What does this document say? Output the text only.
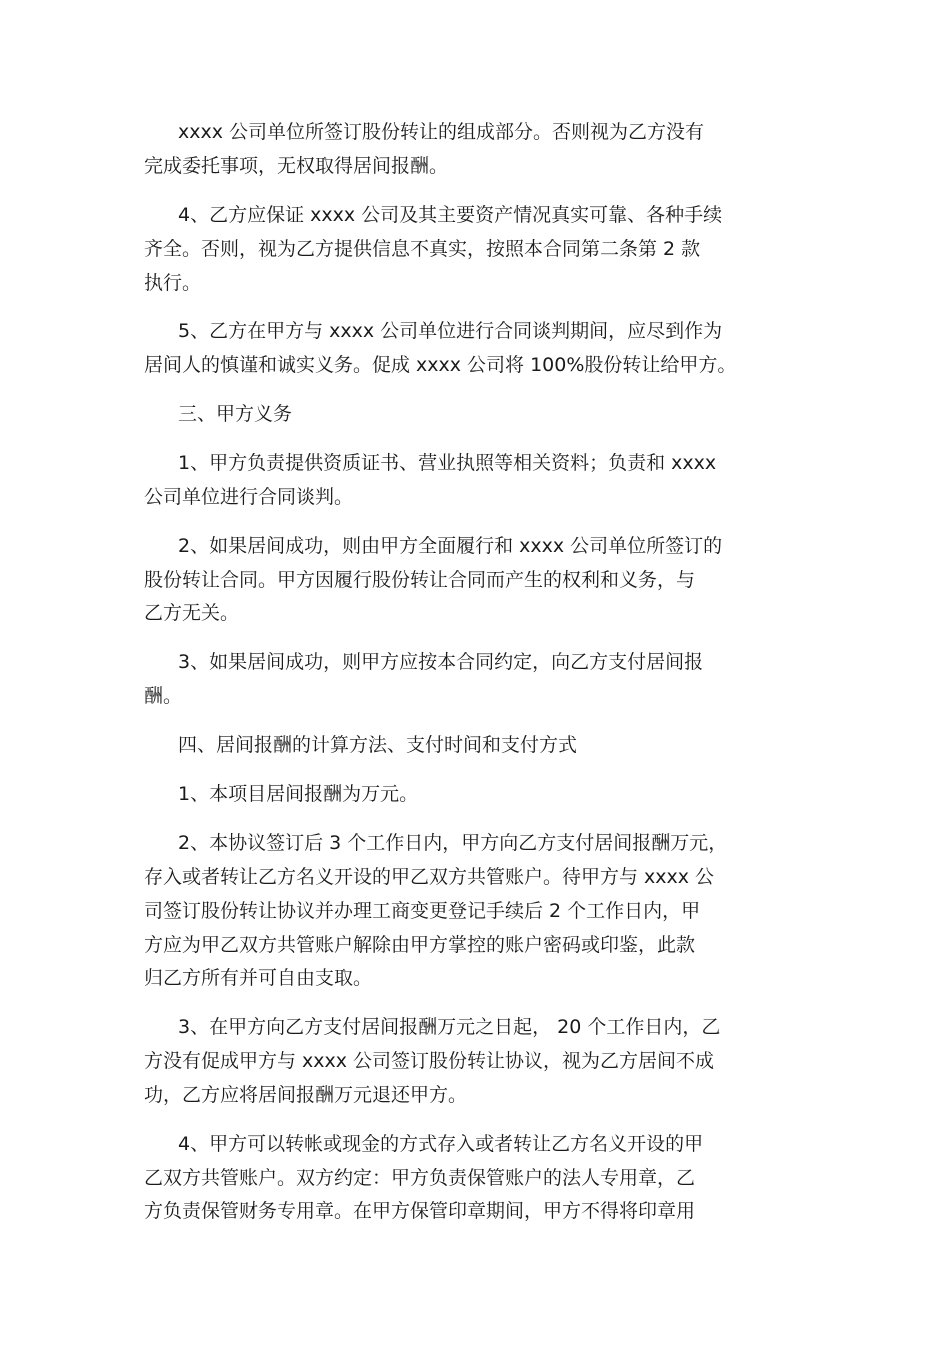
xxxx 公司单位所签订股份转让的组成部分。否则视为乙方没有
完成委托事项，无权取得居间报酬。
4、乙方应保证 xxxx 公司及其主要资产情况真实可靠、各种手续
齐全。否则，视为乙方提供信息不真实，按照本合同第二条第 2 款
执行。
5、乙方在甲方与 xxxx 公司单位进行合同谈判期间，应尽到作为
居间人的慎谨和诚实义务。促成 xxxx 公司将 100%股份转让给甲方。
三、甲方义务
1、甲方负责提供资质证书、营业执照等相关资料；负责和 xxxx
公司单位进行合同谈判。
2、如果居间成功，则由甲方全面履行和 xxxx 公司单位所签订的
股份转让合同。甲方因履行股份转让合同而产生的权利和义务，与
乙方无关。
3、如果居间成功，则甲方应按本合同约定，向乙方支付居间报
酬。
四、居间报酬的计算方法、支付时间和支付方式
1、本项目居间报酬为万元。
2、本协议签订后 3 个工作日内，甲方向乙方支付居间报酬万元，
存入或者转让乙方名义开设的甲乙双方共管账户。待甲方与 xxxx 公
司签订股份转让协议并办理工商变更登记手续后 2 个工作日内，甲
方应为甲乙双方共管账户解除由甲方掌控的账户密码或印鉴，此款
归乙方所有并可自由支取。
3、在甲方向乙方支付居间报酬万元之日起， 20 个工作日内，乙
方没有促成甲方与 xxxx 公司签订股份转让协议，视为乙方居间不成
功，乙方应将居间报酬万元退还甲方。
4、甲方可以转帐或现金的方式存入或者转让乙方名义开设的甲
乙双方共管账户。双方约定：甲方负责保管账户的法人专用章，乙
方负责保管财务专用章。在甲方保管印章期间，甲方不得将印章用
